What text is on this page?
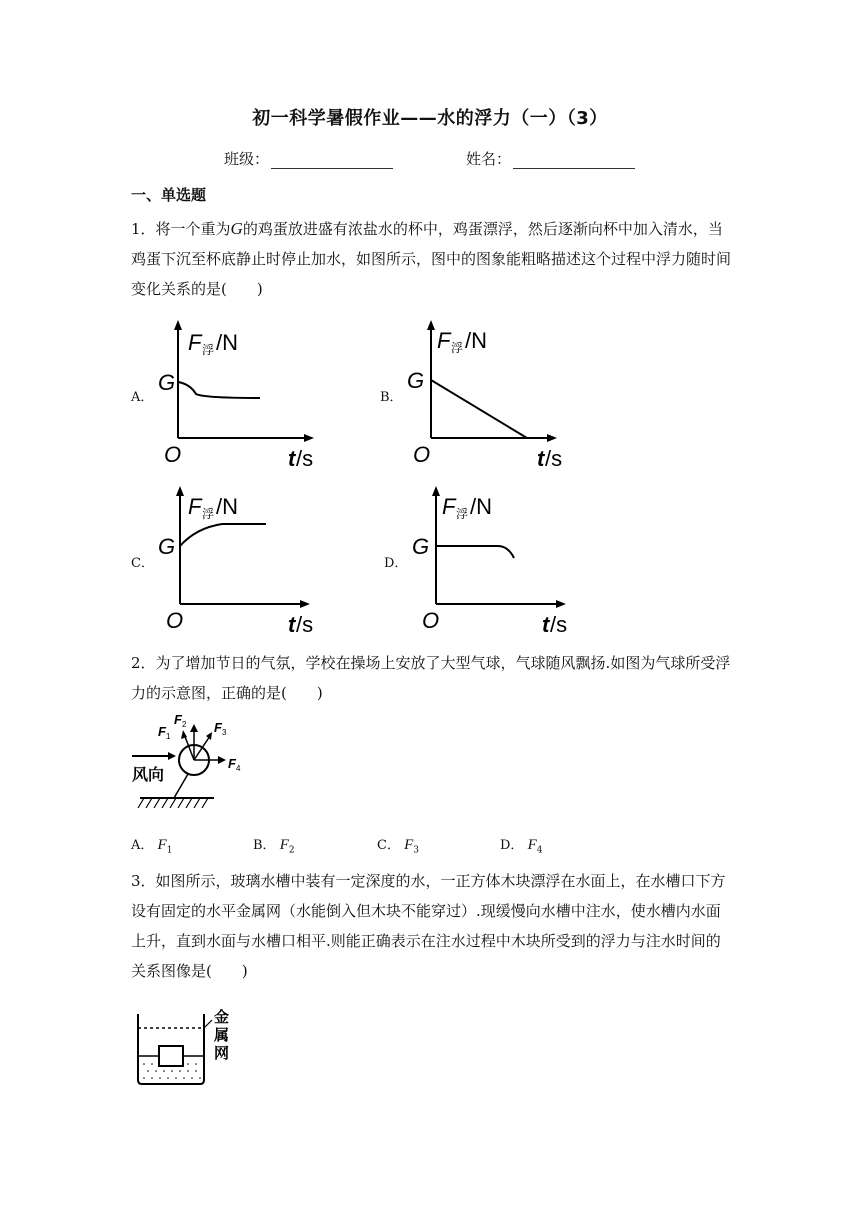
初一科学暑假作业——水的浮力（一）（3）
班级：	姓名：
一、单选题
1．将一个重为G的鸡蛋放进盛有浓盐水的杯中，鸡蛋漂浮，然后逐渐向杯中加入清水，当鸡蛋下沉至杯底静止时停止加水，如图所示，图中的图象能粗略描述这个过程中浮力随时间变化关系的是(　　)
A．	B．
C．	D．
F 浮 /N
G
O	t /s
F 浮 /N
G
O	t /s
F 浮 /N
G
O	t /s
F 浮 /N
G
O	t /s
2．为了增加节日的气氛，学校在操场上安放了大型气球，气球随风飘扬.如图为气球所受浮力的示意图，正确的是(　　)
风向
F 1
F 2 F 3
F 4
A． $F_1$	B． $F_2$	C． $F_3$	D． $F_4$
3．如图所示，玻璃水槽中装有一定深度的水，一正方体木块漂浮在水面上，在水槽口下方设有固定的水平金属网（水能倒入但木块不能穿过）.现缓慢向水槽中注水，使水槽内水面上升，直到水面与水槽口相平.则能正确表示在注水过程中木块所受到的浮力与注水时间的关系图像是(　　)
金
属
网
